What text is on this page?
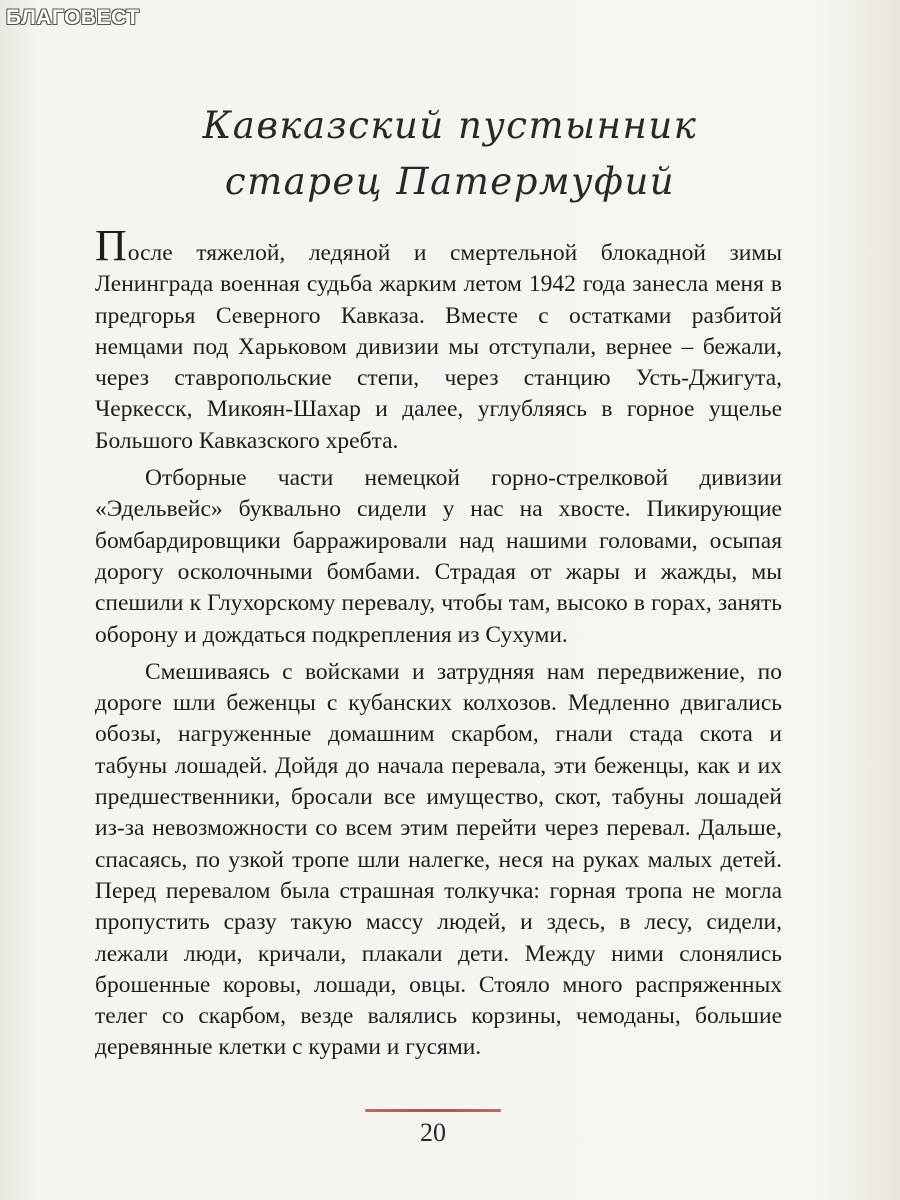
БЛАГОВЕСТ
Кавказский пустынник
старец Патермуфий

После тяжелой, ледяной и смертельной блокадной зимы Ленинграда военная судьба жарким летом 1942 года занесла меня в предгорья Северного Кавказа. Вместе с остатками разбитой немцами под Харьковом дивизии мы отступали, вернее – бежали, через ставропольские степи, через станцию Усть-Джигута, Черкесск, Микоян-Шахар и далее, углубляясь в горное ущелье Большого Кавказского хребта.

Отборные части немецкой горно-стрелковой дивизии «Эдельвейс» буквально сидели у нас на хвосте. Пикирующие бомбардировщики барражировали над нашими головами, осыпая дорогу осколочными бомбами. Страдая от жары и жажды, мы спешили к Глухорскому перевалу, чтобы там, высоко в горах, занять оборону и дождаться подкрепления из Сухуми.

Смешиваясь с войсками и затрудняя нам передвижение, по дороге шли беженцы с кубанских колхозов. Медленно двигались обозы, нагруженные домашним скарбом, гнали стада скота и табуны лошадей. Дойдя до начала перевала, эти беженцы, как и их предшественники, бросали все имущество, скот, табуны лошадей из-за невозможности со всем этим перейти через перевал. Дальше, спасаясь, по узкой тропе шли налегке, неся на руках малых детей. Перед перевалом была страшная толкучка: горная тропа не могла пропустить сразу такую массу людей, и здесь, в лесу, сидели, лежали люди, кричали, плакали дети. Между ними слонялись брошенные коровы, лошади, овцы. Стояло много распряженных телег со скарбом, везде валялись корзины, чемоданы, большие деревянные клетки с курами и гусями.

20
